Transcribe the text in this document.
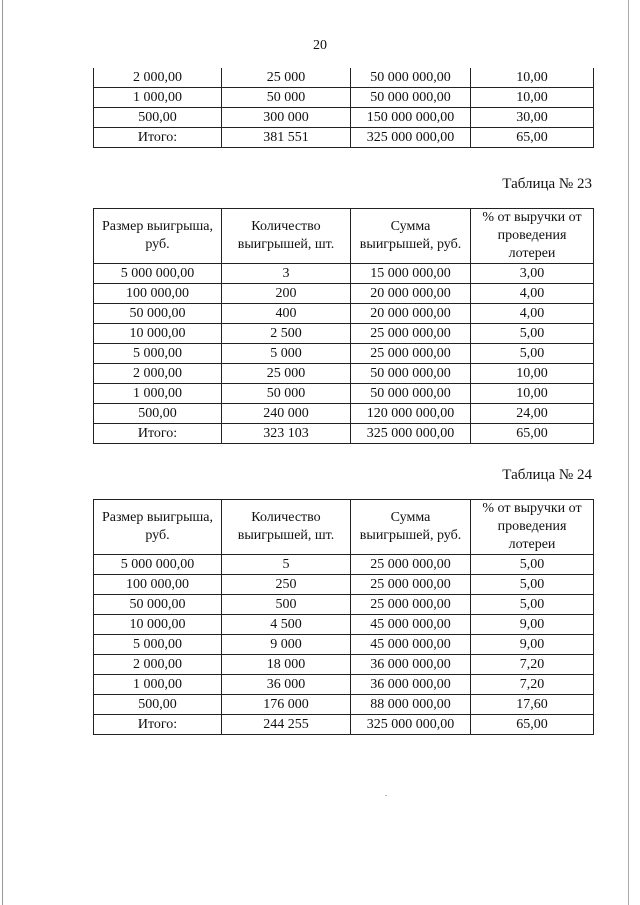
20
2 000,00	25 000	50 000 000,00	10,00
1 000,00	50 000	50 000 000,00	10,00
500,00	300 000	150 000 000,00	30,00
Итого:	381 551	325 000 000,00	65,00
Таблица № 23
Размер выигрыша, руб.	Количество выигрышей, шт.	Сумма выигрышей, руб.	% от выручки от проведения лотереи
5 000 000,00	3	15 000 000,00	3,00
100 000,00	200	20 000 000,00	4,00
50 000,00	400	20 000 000,00	4,00
10 000,00	2 500	25 000 000,00	5,00
5 000,00	5 000	25 000 000,00	5,00
2 000,00	25 000	50 000 000,00	10,00
1 000,00	50 000	50 000 000,00	10,00
500,00	240 000	120 000 000,00	24,00
Итого:	323 103	325 000 000,00	65,00
Таблица № 24
Размер выигрыша, руб.	Количество выигрышей, шт.	Сумма выигрышей, руб.	% от выручки от проведения лотереи
5 000 000,00	5	25 000 000,00	5,00
100 000,00	250	25 000 000,00	5,00
50 000,00	500	25 000 000,00	5,00
10 000,00	4 500	45 000 000,00	9,00
5 000,00	9 000	45 000 000,00	9,00
2 000,00	18 000	36 000 000,00	7,20
1 000,00	36 000	36 000 000,00	7,20
500,00	176 000	88 000 000,00	17,60
Итого:	244 255	325 000 000,00	65,00
